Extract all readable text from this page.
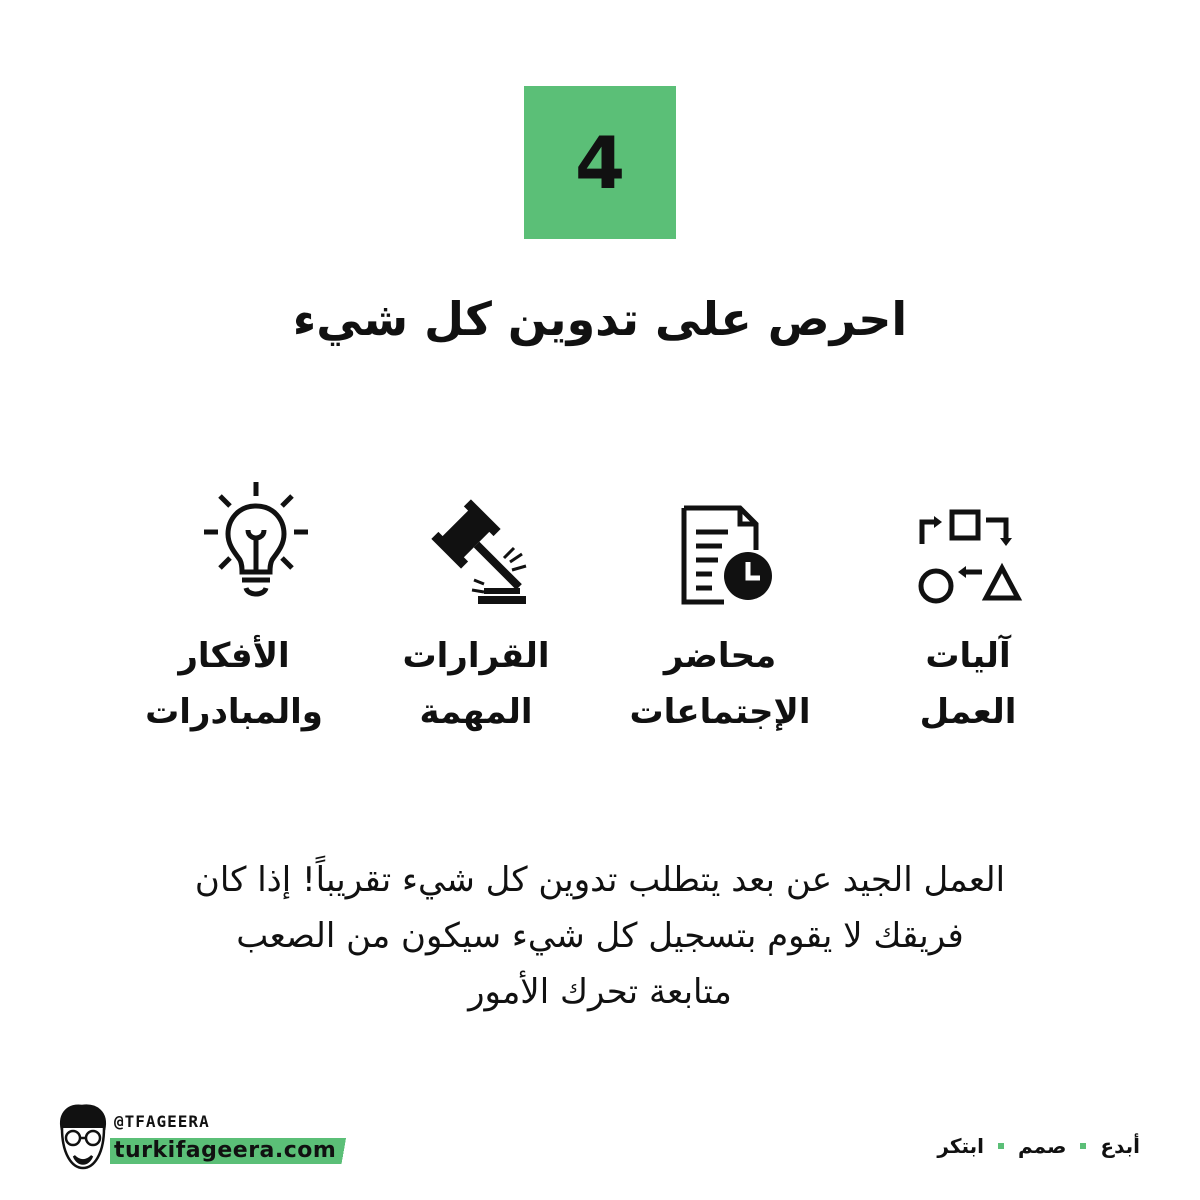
4
احرص على تدوين كل شيء
آليات
العمل
محاضر
الإجتماعات
القرارات
المهمة
الأفكار
والمبادرات
العمل الجيد عن بعد يتطلب تدوين كل شيء تقريباً! إذا كان
فريقك لا يقوم بتسجيل كل شيء سيكون من الصعب
متابعة تحرك الأمور
@TFAGEERA
turkifageera.com	أبدع
صمم
ابتكر
